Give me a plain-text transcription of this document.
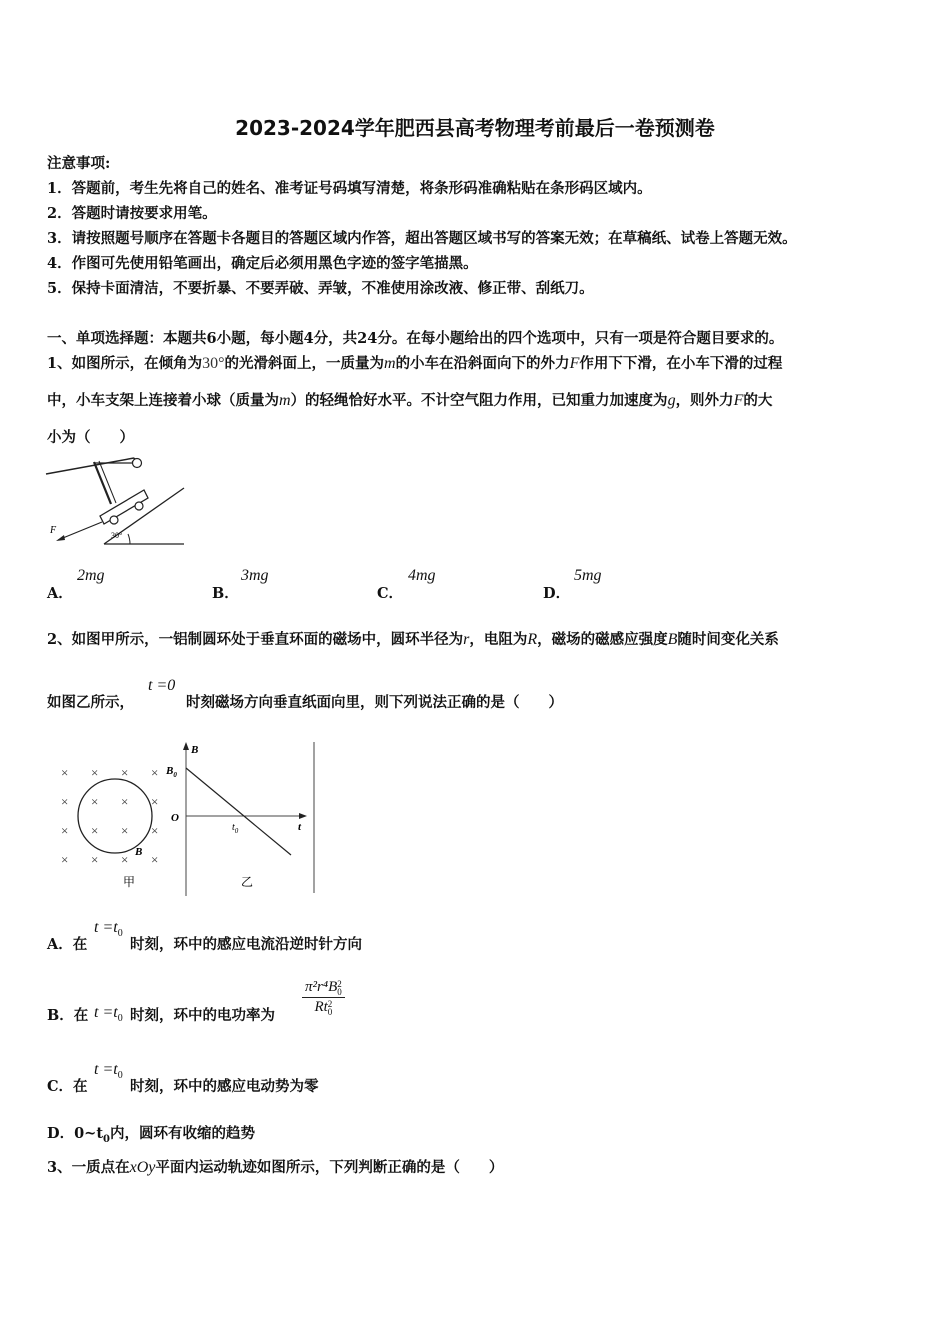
2023-2024学年肥西县高考物理考前最后一卷预测卷
注意事项:
1．答题前，考生先将自己的姓名、准考证号码填写清楚，将条形码准确粘贴在条形码区域内。
2．答题时请按要求用笔。
3．请按照题号顺序在答题卡各题目的答题区域内作答，超出答题区域书写的答案无效；在草稿纸、试卷上答题无效。
4．作图可先使用铅笔画出，确定后必须用黑色字迹的签字笔描黑。
5．保持卡面清洁，不要折暴、不要弄破、弄皱，不准使用涂改液、修正带、刮纸刀。
一、单项选择题：本题共6小题，每小题4分，共24分。在每小题给出的四个选项中，只有一项是符合题目要求的。
1、如图所示，在倾角为30°的光滑斜面上，一质量为m的小车在沿斜面向下的外力F作用下下滑，在小车下滑的过程
中，小车支架上连接着小球（质量为m）的轻绳恰好水平。不计空气阻力作用，已知重力加速度为g，则外力F的大
小为（　　）
F	30°
A．
2mg
B．
3mg
C．
4mg
D．
5mg
2、如图甲所示，一铝制圆环处于垂直环面的磁场中，圆环半径为r，电阻为R，磁场的磁感应强度B随时间变化关系
如图乙所示，
t =0
时刻磁场方向垂直纸面向里，则下列说法正确的是（　　）
× × × ×
× × × ×
× × × ×
× × × ×
B
甲
B
t
O
$B_0$
$t_0$
乙
A．在
$t =t_0$
时刻，环中的感应电流沿逆时针方向
B．在 $t =t_0$ 时刻，环中的电功率为 π²r⁴B 2
0
Rt 2
0
C．在
$t =t_0$
时刻，环中的感应电动势为零
D．$0\sim t_0$内，圆环有收缩的趋势
3、一质点在xOy平面内运动轨迹如图所示，下列判断正确的是（　　）
